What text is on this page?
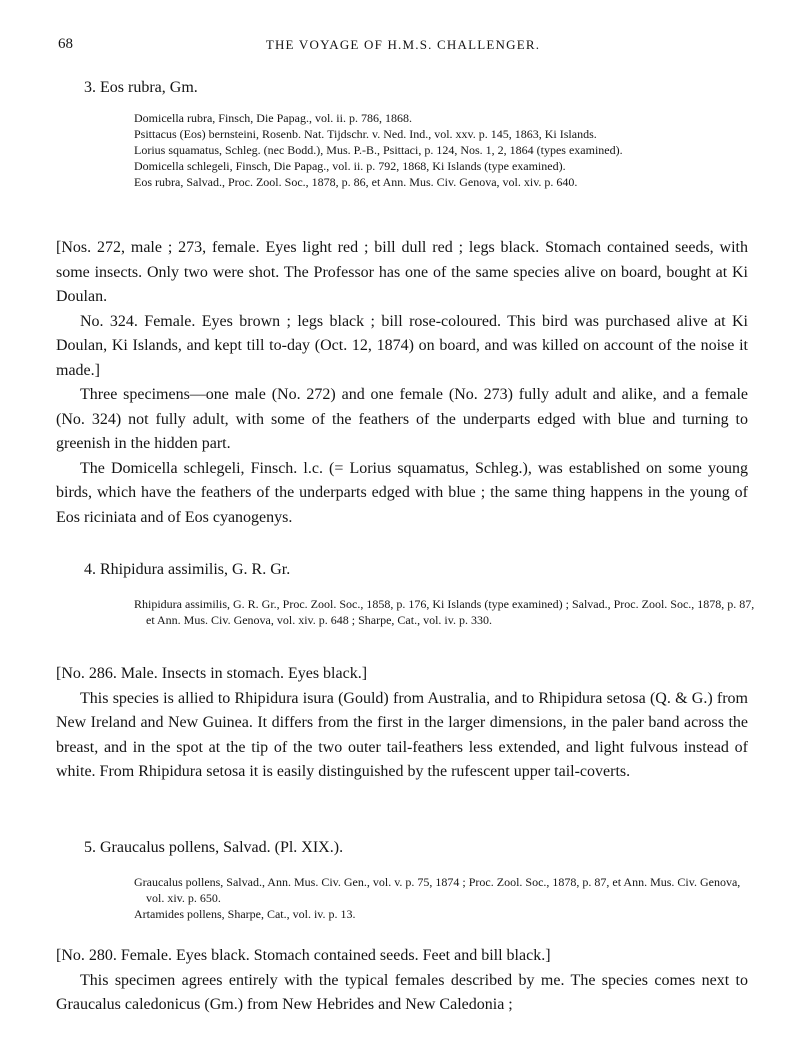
68	THE VOYAGE OF H.M.S. CHALLENGER.
3. Eos rubra, Gm.

Domicella rubra, Finsch, Die Papag., vol. ii. p. 786, 1868.

Psittacus (Eos) bernsteini, Rosenb. Nat. Tijdschr. v. Ned. Ind., vol. xxv. p. 145, 1863, Ki Islands.

Lorius squamatus, Schleg. (nec Bodd.), Mus. P.-B., Psittaci, p. 124, Nos. 1, 2, 1864 (types examined).

Domicella schlegeli, Finsch, Die Papag., vol. ii. p. 792, 1868, Ki Islands (type examined).

Eos rubra, Salvad., Proc. Zool. Soc., 1878, p. 86, et Ann. Mus. Civ. Genova, vol. xiv. p. 640.

[Nos. 272, male ; 273, female. Eyes light red ; bill dull red ; legs black. Stomach contained seeds, with some insects. Only two were shot. The Professor has one of the same species alive on board, bought at Ki Doulan.

No. 324. Female. Eyes brown ; legs black ; bill rose-coloured. This bird was purchased alive at Ki Doulan, Ki Islands, and kept till to-day (Oct. 12, 1874) on board, and was killed on account of the noise it made.]

Three specimens—one male (No. 272) and one female (No. 273) fully adult and alike, and a female (No. 324) not fully adult, with some of the feathers of the underparts edged with blue and turning to greenish in the hidden part.

The Domicella schlegeli, Finsch. l.c. (= Lorius squamatus, Schleg.), was established on some young birds, which have the feathers of the underparts edged with blue ; the same thing happens in the young of Eos riciniata and of Eos cyanogenys.

4. Rhipidura assimilis, G. R. Gr.

Rhipidura assimilis, G. R. Gr., Proc. Zool. Soc., 1858, p. 176, Ki Islands (type examined) ; Salvad., Proc. Zool. Soc., 1878, p. 87, et Ann. Mus. Civ. Genova, vol. xiv. p. 648 ; Sharpe, Cat., vol. iv. p. 330.

[No. 286. Male. Insects in stomach. Eyes black.]

This species is allied to Rhipidura isura (Gould) from Australia, and to Rhipidura setosa (Q. & G.) from New Ireland and New Guinea. It differs from the first in the larger dimensions, in the paler band across the breast, and in the spot at the tip of the two outer tail-feathers less extended, and light fulvous instead of white. From Rhipidura setosa it is easily distinguished by the rufescent upper tail-coverts.

5. Graucalus pollens, Salvad. (Pl. XIX.).

Graucalus pollens, Salvad., Ann. Mus. Civ. Gen., vol. v. p. 75, 1874 ; Proc. Zool. Soc., 1878, p. 87, et Ann. Mus. Civ. Genova, vol. xiv. p. 650.

Artamides pollens, Sharpe, Cat., vol. iv. p. 13.

[No. 280. Female. Eyes black. Stomach contained seeds. Feet and bill black.]

This specimen agrees entirely with the typical females described by me. The species comes next to Graucalus caledonicus (Gm.) from New Hebrides and New Caledonia ;
